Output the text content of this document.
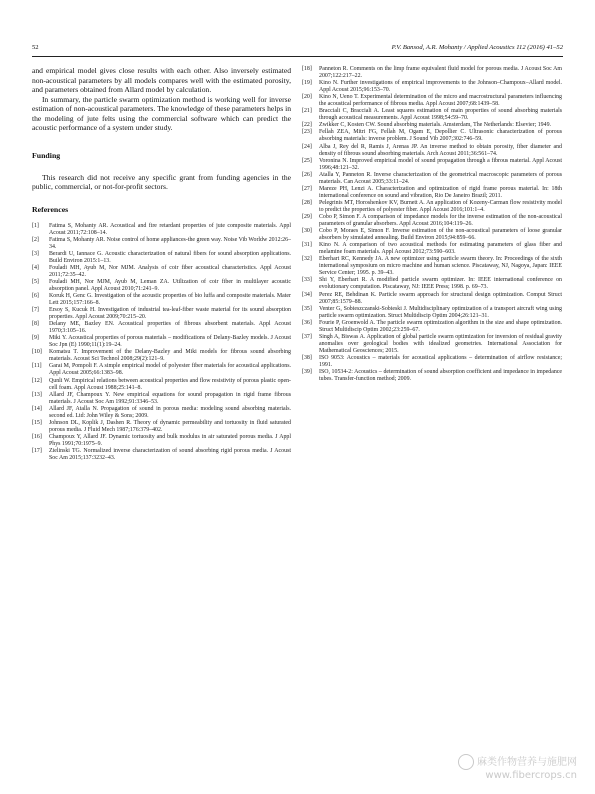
52	P.V. Bansod, A.R. Mohanty / Applied Acoustics 112 (2016) 41–52

and empirical model gives close results with each other. Also inversely estimated non-acoustical parameters by all models compares well with the estimated porosity, and parameters obtained from Allard model by calculation.

In summary, the particle swarm optimization method is working well for inverse estimation of non-acoustical parameters. The knowledge of these parameters helps in the modeling of jute felts using the commercial software which can predict the acoustic performance of a system under study.

Funding

This research did not receive any specific grant from funding agencies in the public, commercial, or not-for-profit sectors.

References

[1] Fatima S, Mohanty AR. Acoustical and fire retardant properties of jute composite materials. Appl Acoust 2011;72:108–14.
[2] Fatima S, Mohanty AR. Noise control of home appliances-the green way. Noise Vib Worldw 2012:26–34.
[3] Berardi U, Iannace G. Acoustic characterization of natural fibers for sound absorption applications. Build Environ 2015:1–13.
[4] Fouladi MH, Ayub M, Nor MJM. Analysis of coir fiber acoustical characteristics. Appl Acoust 2011;72:35–42.
[5] Fouladi MH, Nor MJM, Ayub M, Leman ZA. Utilization of coir fiber in multilayer acoustic absorption panel. Appl Acoust 2010;71:241–9.
[6] Koruk H, Genc G. Investigation of the acoustic properties of bio luffa and composite materials. Mater Lett 2015;157:166–8.
[7] Ersoy S, Kucuk H. Investigation of industrial tea-leaf-fiber waste material for its sound absorption properties. Appl Acoust 2009;70:215–20.
[8] Delany ME, Bazley EN. Acoustical properties of fibrous absorbent materials. Appl Acoust 1970;3:105–16.
[9] Miki Y. Acoustical properties of porous materials – modifications of Delany-Bazley models. J Acoust Soc Jpn (E) 1990;11(1):19–24.
[10] Komatsu T. Improvement of the Delany-Bazley and Miki models for fibrous sound absorbing materials. Acoust Sci Technol 2008;29(2):121–9.
[11] Garai M, Pompoli F. A simple empirical model of polyester fiber materials for acoustical applications. Appl Acoust 2005;66:1383–98.
[12] Qunli W. Empirical relations between acoustical properties and flow resistivity of porous plastic open-cell foam. Appl Acoust 1988;25:141–8.
[13] Allard JF, Champoux Y. New empirical equations for sound propagation in rigid frame fibrous materials. J Acoust Soc Am 1992;91:3346–53.
[14] Allard JF, Atalla N. Propagation of sound in porous media: modeling sound absorbing materials. second ed. Ltd: John Wiley & Sons; 2009.
[15] Johnson DL, Koplik J, Dashen R. Theory of dynamic permeability and tortuosity in fluid saturated porous media. J Fluid Mech 1987;176:379–402.
[16] Champoux Y, Allard JF. Dynamic tortuosity and bulk modulus in air saturated porous media. J Appl Phys 1991;70:1975–9.
[17] Zielinski TG. Normalized inverse characterization of sound absorbing rigid porous media. J Acoust Soc Am 2015;137:3232–43.
[18] Panneton R. Comments on the limp frame equivalent fluid model for porous media. J Acoust Soc Am 2007;122:217–22.
[19] Kino N. Further investigations of empirical improvements to the Johnson–Champoux–Allard model. Appl Acoust 2015;96:153–70.
[20] Kino N, Ueno T. Experimental determination of the micro and macrostructural parameters influencing the acoustical performance of fibrous media. Appl Acoust 2007;68:1439–58.
[21] Bracciali C, Bracciali A. Least squares estimation of main properties of sound absorbing materials through acoustical measurements. Appl Acoust 1998;54:59–70.
[22] Zwikker C, Kosten CW. Sound absorbing materials. Amsterdam, The Netherlands: Elsevier; 1949.
[23] Fellah ZEA, Mitri FG, Fellah M, Ogam E, Depollier C. Ultrasonic characterization of porous absorbing materials: inverse problem. J Sound Vib 2007;302:746–59.
[24] Alba J, Rey del R, Ramis J, Arenas JP. An inverse method to obtain porosity, fiber diameter and density of fibrous sound absorbing materials. Arch Acoust 2011;36:561–74.
[25] Voronina N. Improved empirical model of sound propagation through a fibrous material. Appl Acoust 1996;48:121–32.
[26] Atalla Y, Panneton R. Inverse characterization of the geometrical macroscopic parameters of porous materials. Can Acoust 2005;33:11–24.
[27] Mareze PH, Lenzi A. Characterization and optimization of rigid frame porous material. In: 18th international conference on sound and vibration, Rio De Janeiro Brazil; 2011.
[28] Pelegrinis MT, Horoshenkov KV, Burnett A. An application of Kozeny-Carman flow resistivity model to predict the properties of polyester fiber. Appl Acoust 2016;101:1–4.
[29] Cobo P, Simon F. A comparison of impedance models for the inverse estimation of the non-acoustical parameters of granular absorbers. Appl Acoust 2016;104:119–26.
[30] Cobo P, Moraes E, Simon F. Inverse estimation of the non-acoustical parameters of loose granular absorbers by simulated annealing. Build Environ 2015;94:859–66.
[31] Kino N. A comparison of two acoustical methods for estimating parameters of glass fiber and melamine foam materials. Appl Acoust 2012;73:590–603.
[32] Eberhart RC, Kennedy JA. A new optimizer using particle swarm theory. In: Proceedings of the sixth international symposium on micro machine and human science. Piscataway, NJ, Nagoya, Japan: IEEE Service Center; 1995. p. 39–43.
[33] Shi Y, Eberhart R. A modified particle swarm optimizer. In: IEEE international conference on evolutionary computation. Piscataway, NJ: IEEE Press; 1998. p. 69–73.
[34] Perez RE, Behdinan K. Particle swarm approach for structural design optimization. Comput Struct 2007;85:1579–88.
[35] Venter G, Sobieszczanski-Sobieski J. Multidisciplinary optimization of a transport aircraft wing using particle swarm optimization. Struct Multidiscip Optim 2004;26:121–31.
[36] Fourie P, Groenwold A. The particle swarm optimization algorithm in the size and shape optimization. Struct Multidiscip Optim 2002;23:259–67.
[37] Singh A, Biswas A. Application of global particle swarm optimization for inversion of residual gravity anomalies over geological bodies with idealized geometries. International Association for Mathematical Geosciences; 2015.
[38] ISO 9053: Acoustics – materials for acoustical applications – determination of airflow resistance; 1991.
[39] ISO, 10534-2: Acoustics – determination of sound absorption coefficient and impedance in impedance tubes. Transfer-function method; 2009.
麻类作物营养与施肥网
www.fibercrops.cn
